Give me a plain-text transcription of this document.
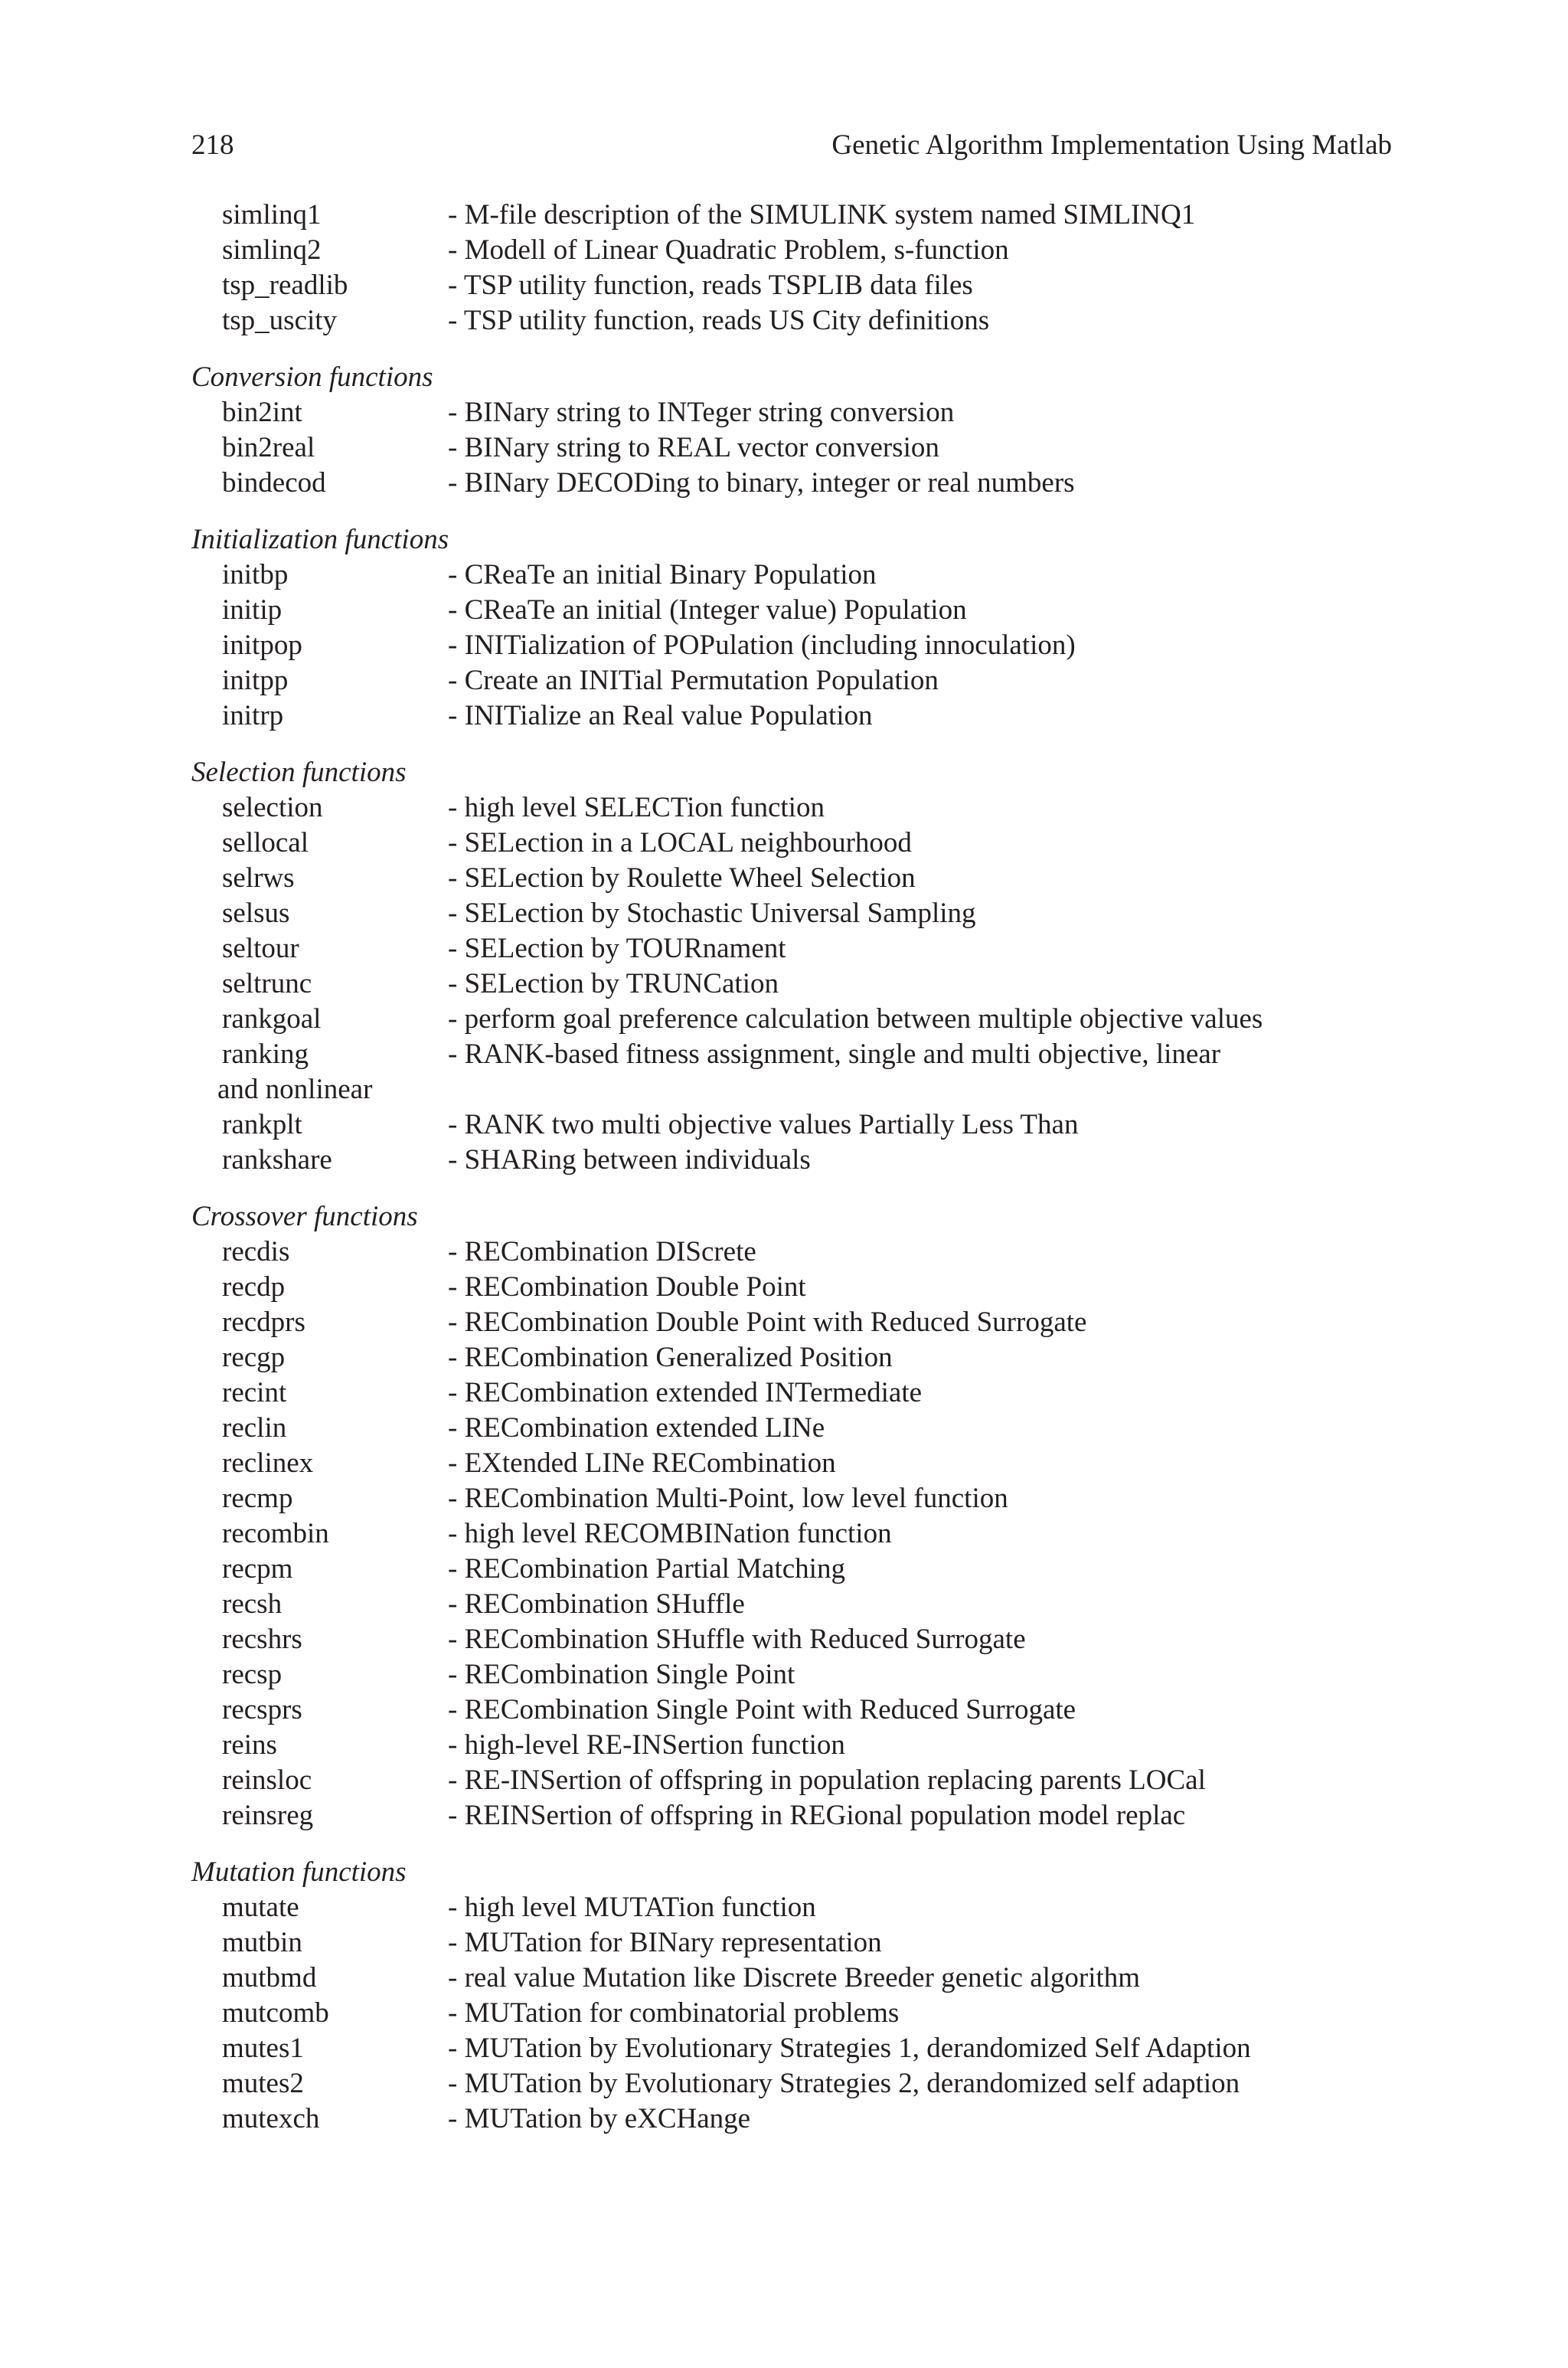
218	Genetic Algorithm Implementation Using Matlab
simlinq1	- M-file description of the SIMULINK system named SIMLINQ1
simlinq2	- Modell of Linear Quadratic Problem, s-function
tsp_readlib	- TSP utility function, reads TSPLIB data files
tsp_uscity	- TSP utility function, reads US City definitions
Conversion functions
bin2int	- BINary string to INTeger string conversion
bin2real	- BINary string to REAL vector conversion
bindecod	- BINary DECODing to binary, integer or real numbers
Initialization functions
initbp	- CReaTe an initial Binary Population
initip	- CReaTe an initial (Integer value) Population
initpop	- INITialization of POPulation (including innoculation)
initpp	- Create an INITial Permutation Population
initrp	- INITialize an Real value Population
Selection functions
selection	- high level SELECTion function
sellocal	- SELection in a LOCAL neighbourhood
selrws	- SELection by Roulette Wheel Selection
selsus	- SELection by Stochastic Universal Sampling
seltour	- SELection by TOURnament
seltrunc	- SELection by TRUNCation
rankgoal	- perform goal preference calculation between multiple objective values
ranking	- RANK-based fitness assignment, single and multi objective, linear
and nonlinear
rankplt	- RANK two multi objective values Partially Less Than
rankshare	- SHARing between individuals
Crossover functions
recdis	- RECombination DIScrete
recdp	- RECombination Double Point
recdprs	- RECombination Double Point with Reduced Surrogate
recgp	- RECombination Generalized Position
recint	- RECombination extended INTermediate
reclin	- RECombination extended LINe
reclinex	- EXtended LINe RECombination
recmp	- RECombination Multi-Point, low level function
recombin	- high level RECOMBINation function
recpm	- RECombination Partial Matching
recsh	- RECombination SHuffle
recshrs	- RECombination SHuffle with Reduced Surrogate
recsp	- RECombination Single Point
recsprs	- RECombination Single Point with Reduced Surrogate
reins	- high-level RE-INSertion function
reinsloc	- RE-INSertion of offspring in population replacing parents LOCal
reinsreg	- REINSertion of offspring in REGional population model replac
Mutation functions
mutate	- high level MUTATion function
mutbin	- MUTation for BINary representation
mutbmd	- real value Mutation like Discrete Breeder genetic algorithm
mutcomb	- MUTation for combinatorial problems
mutes1	- MUTation by Evolutionary Strategies 1, derandomized Self Adaption
mutes2	- MUTation by Evolutionary Strategies 2, derandomized self adaption
mutexch	- MUTation by eXCHange
